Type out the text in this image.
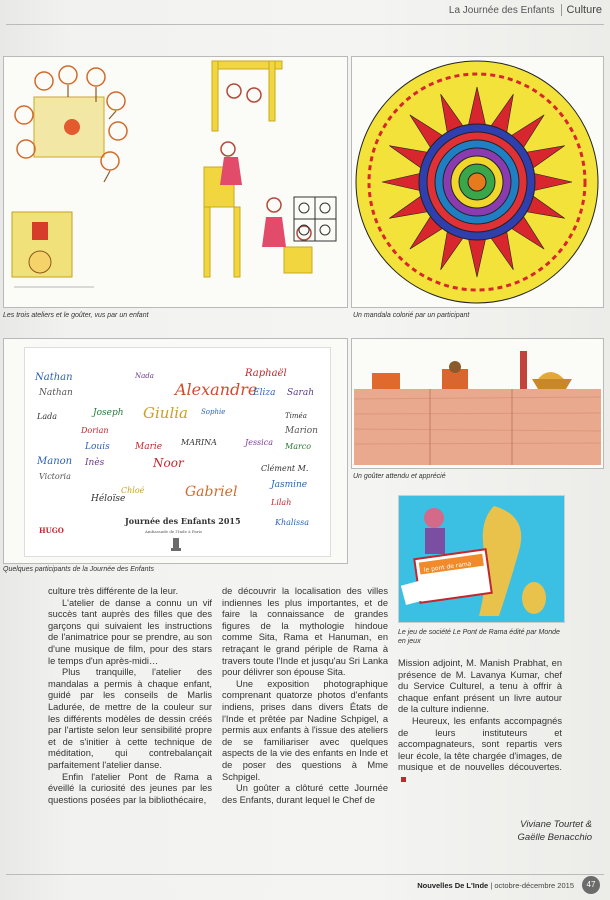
La Journée des Enfants	Culture
Les trois ateliers et le goûter, vus par un enfant	Un mandala colorié par un participant
Nathan	Nada	Raphaël
Nathan	Alexandre
Eliza Sarah
Lada	Joseph Giulia Sophie	Timéa
Dorian	Marion
Louis	Marie MARINA	Jessica Marco
Manon Inès	Noor	Clément M.
Victoria
Jasmine
Gabriel
Héloïse	Lilah
Khalissa
HUGO
Chloé
Journée des Enfants 2015
Ambassade de l'Inde à Paris
Quelques participants de la Journée des Enfants
Un goûter attendu et apprécié
le pont de rama
Le jeu de société Le Pont de Rama édité par Monde en jeux

culture très différente de la leur.

L'atelier de danse a connu un vif succès tant auprès des filles que des garçons qui suivaient les instructions de l'animatrice pour se prendre, au son d'une musique de film, pour des stars le temps d'un après-midi…

Plus tranquille, l'atelier des mandalas a permis à chaque enfant, guidé par les conseils de Marlis Ladurée, de mettre de la couleur sur les différents modèles de dessin créés par l'artiste selon leur sensibilité propre et de s'initier à cette technique de méditation, qui contrebalançait parfaitement l'atelier danse.

Enfin l'atelier Pont de Rama a éveillé la curiosité des jeunes par les questions posées par la bibliothécaire,

de découvrir la localisation des villes indiennes les plus importantes, et de faire la connaissance de grandes figures de la mythologie hindoue comme Sita, Rama et Hanuman, en retraçant le grand périple de Rama à travers toute l'Inde et jusqu'au Sri Lanka pour délivrer son épouse Sita.

Une exposition photographique comprenant quatorze photos d'enfants indiens, prises dans divers États de l'Inde et prêtée par Nadine Schpigel, a permis aux enfants à l'issue des ateliers de se familiariser avec quelques aspects de la vie des enfants en Inde et de poser des questions à Mme Schpigel.

Un goûter a clôturé cette Journée des Enfants, durant lequel le Chef de

Mission adjoint, M. Manish Prabhat, en présence de M. Lavanya Kumar, chef du Service Culturel, a tenu à offrir à chaque enfant présent un livre autour de la culture indienne.

Heureux, les enfants accompagnés de leurs instituteurs et accompagnateurs, sont repartis vers leur école, la tête chargée d'images, de musique et de nouvelles découvertes.

Viviane Tourtet &
Gaëlle Benacchio
Nouvelles De L'Inde | octobre-décembre 2015	47
